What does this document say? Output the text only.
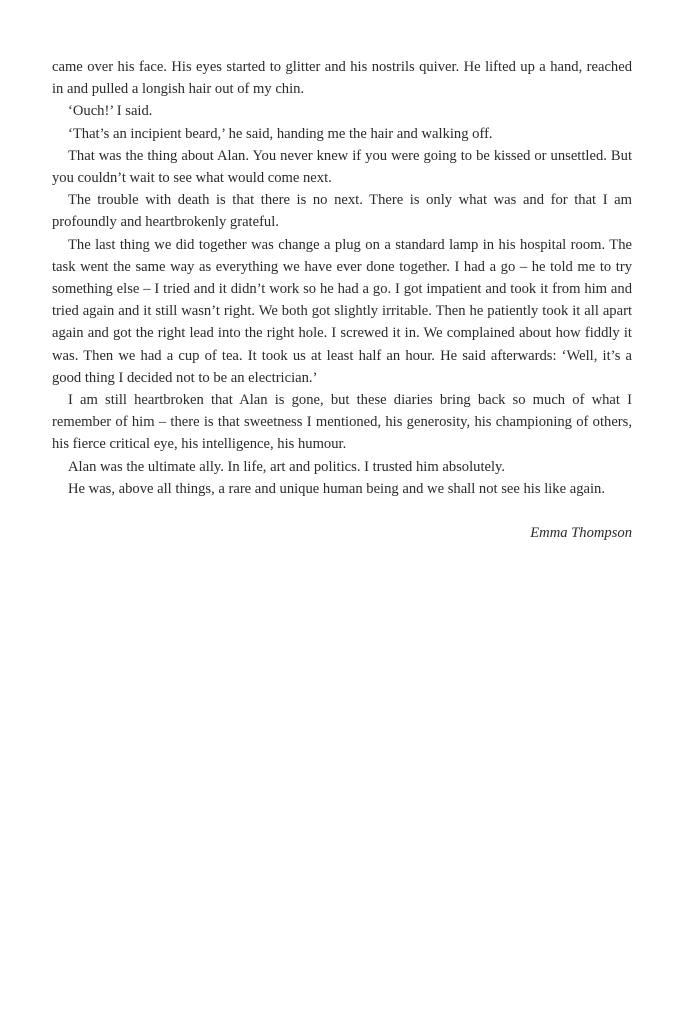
came over his face. His eyes started to glitter and his nostrils quiver. He lifted up a hand, reached in and pulled a longish hair out of my chin.

‘Ouch!’ I said.

‘That’s an incipient beard,’ he said, handing me the hair and walking off.

That was the thing about Alan. You never knew if you were going to be kissed or unsettled. But you couldn’t wait to see what would come next.

The trouble with death is that there is no next. There is only what was and for that I am profoundly and heartbrokenly grateful.

The last thing we did together was change a plug on a standard lamp in his hospital room. The task went the same way as everything we have ever done together. I had a go – he told me to try something else – I tried and it didn’t work so he had a go. I got impatient and took it from him and tried again and it still wasn’t right. We both got slightly irritable. Then he patiently took it all apart again and got the right lead into the right hole. I screwed it in. We complained about how fiddly it was. Then we had a cup of tea. It took us at least half an hour. He said afterwards: ‘Well, it’s a good thing I decided not to be an electrician.’

I am still heartbroken that Alan is gone, but these diaries bring back so much of what I remember of him – there is that sweetness I mentioned, his generosity, his championing of others, his fierce critical eye, his intelligence, his humour.

Alan was the ultimate ally. In life, art and politics. I trusted him absolutely.

He was, above all things, a rare and unique human being and we shall not see his like again.

Emma Thompson
